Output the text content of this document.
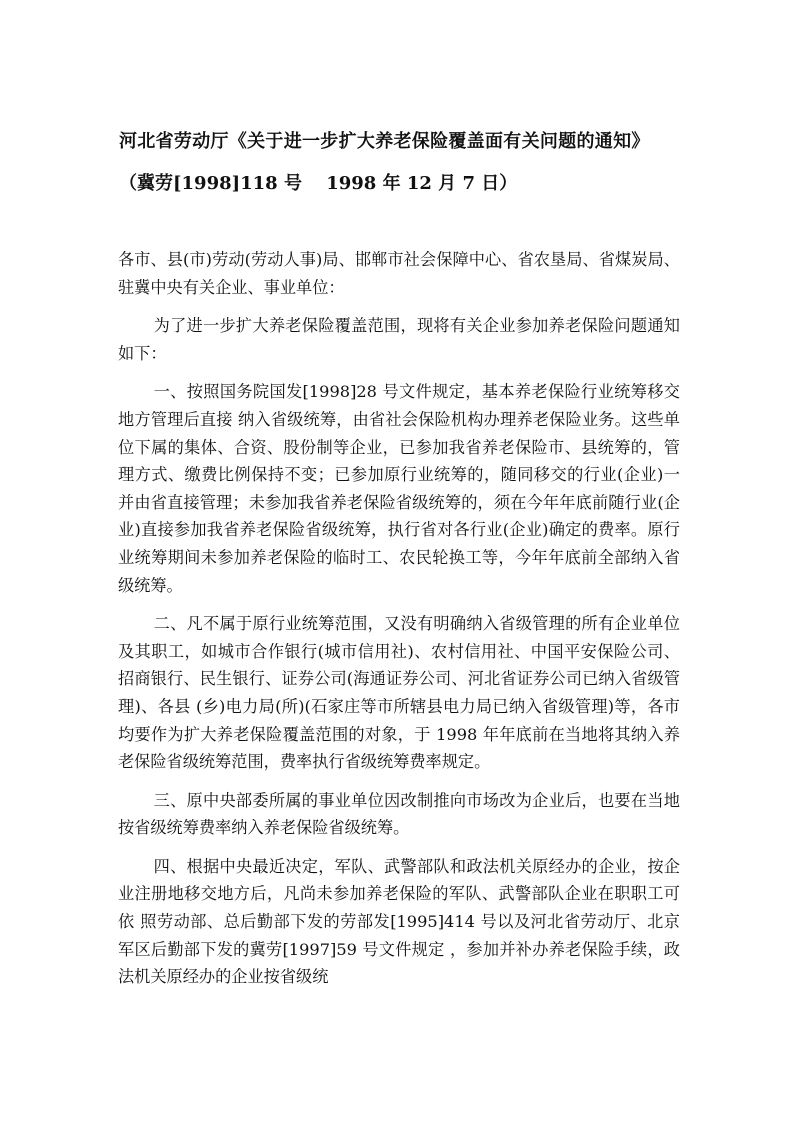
河北省劳动厅《关于进一步扩大养老保险覆盖面有关问题的通知》
（冀劳[1998]118 号　 1998 年 12 月 7 日）

各市、县(市)劳动(劳动人事)局、邯郸市社会保障中心、省农垦局、省煤炭局、驻冀中央有关企业、事业单位：

为了进一步扩大养老保险覆盖范围，现将有关企业参加养老保险问题通知如下：

一、按照国务院国发[1998]28 号文件规定，基本养老保险行业统筹移交地方管理后直接 纳入省级统筹，由省社会保险机构办理养老保险业务。这些单位下属的集体、合资、股份制等企业，已参加我省养老保险市、县统筹的，管理方式、缴费比例保持不变；已参加原行业统筹的，随同移交的行业(企业)一并由省直接管理；未参加我省养老保险省级统筹的，须在今年年底前随行业(企业)直接参加我省养老保险省级统筹，执行省对各行业(企业)确定的费率。原行业统筹期间未参加养老保险的临时工、农民轮换工等，今年年底前全部纳入省级统筹。

二、凡不属于原行业统筹范围，又没有明确纳入省级管理的所有企业单位及其职工，如城市合作银行(城市信用社)、农村信用社、中国平安保险公司、招商银行、民生银行、证券公司(海通证券公司、河北省证券公司已纳入省级管理)、各县 (乡)电力局(所)(石家庄等市所辖县电力局已纳入省级管理)等，各市均要作为扩大养老保险覆盖范围的对象，于 1998 年年底前在当地将其纳入养老保险省级统筹范围，费率执行省级统筹费率规定。

三、原中央部委所属的事业单位因改制推向市场改为企业后，也要在当地按省级统筹费率纳入养老保险省级统筹。

四、根据中央最近决定，军队、武警部队和政法机关原经办的企业，按企业注册地移交地方后，凡尚未参加养老保险的军队、武警部队企业在职职工可依 照劳动部、总后勤部下发的劳部发[1995]414 号以及河北省劳动厅、北京军区后勤部下发的冀劳[1997]59 号文件规定 ，参加并补办养老保险手续，政法机关原经办的企业按省级统
